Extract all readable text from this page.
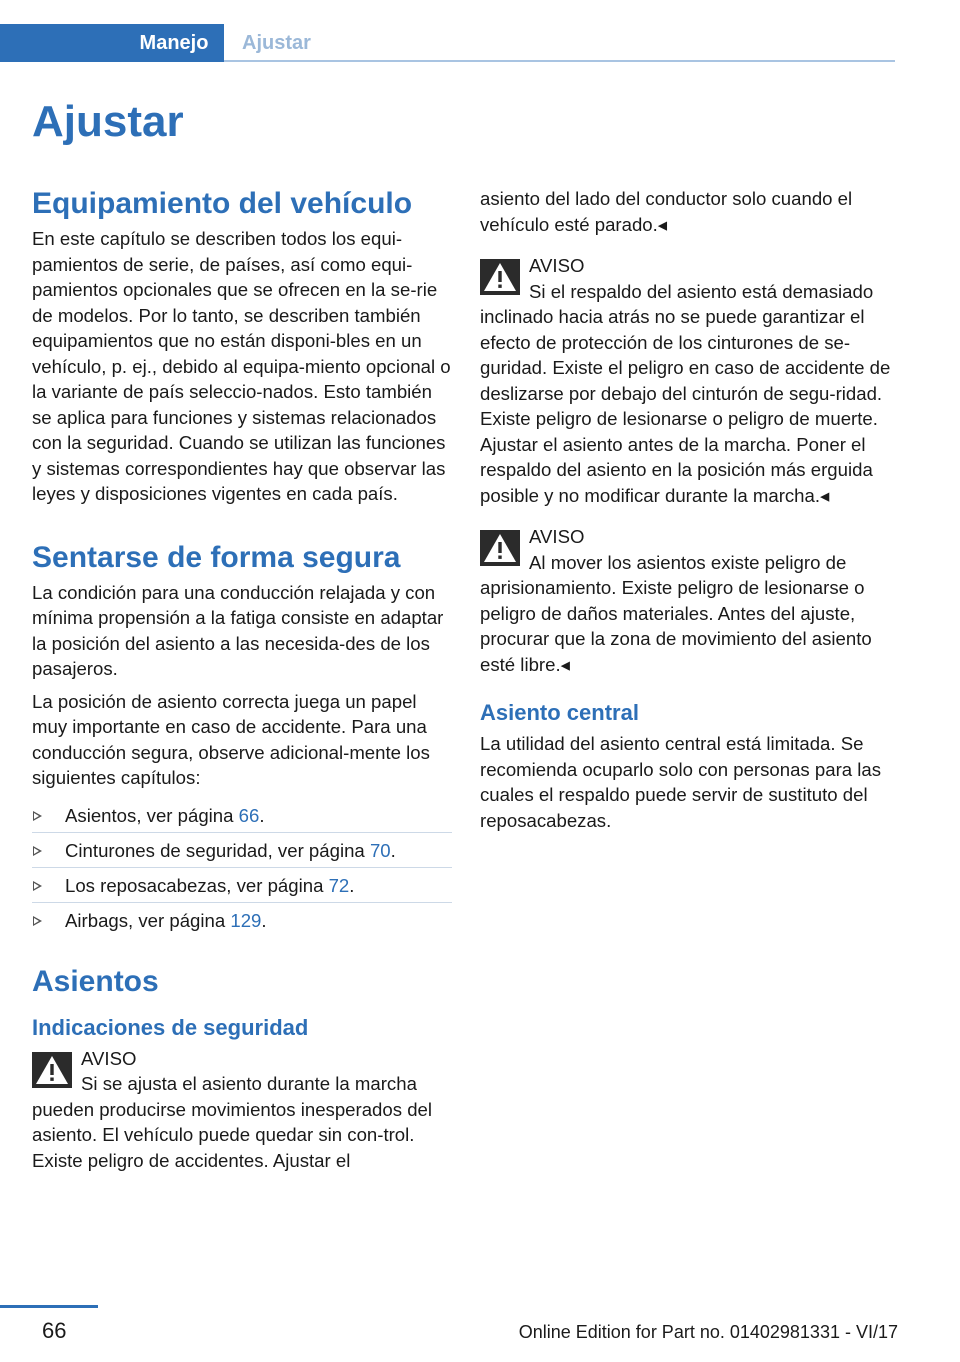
Manejo	Ajustar
Ajustar
Equipamiento del vehículo

En este capítulo se describen todos los equi-pamientos de serie, de países, así como equi-pamientos opcionales que se ofrecen en la se-rie de modelos. Por lo tanto, se describen también equipamientos que no están disponi-bles en un vehículo, p. ej., debido al equipa-miento opcional o la variante de país seleccio-nados. Esto también se aplica para funciones y sistemas relacionados con la seguridad. Cuando se utilizan las funciones y sistemas correspondientes hay que observar las leyes y disposiciones vigentes en cada país.

Sentarse de forma segura

La condición para una conducción relajada y con mínima propensión a la fatiga consiste en adaptar la posición del asiento a las necesida-des de los pasajeros.

La posición de asiento correcta juega un papel muy importante en caso de accidente. Para una conducción segura, observe adicional-mente los siguientes capítulos:

Asientos, ver página 66.
Cinturones de seguridad, ver página 70.
Los reposacabezas, ver página 72.
Airbags, ver página 129.
Asientos
Indicaciones de seguridad
AVISO
Si se ajusta el asiento durante la marcha

pueden producirse movimientos inesperados del asiento. El vehículo puede quedar sin con-trol. Existe peligro de accidentes. Ajustar el

asiento del lado del conductor solo cuando el vehículo esté parado.◂

AVISO
Si el respaldo del asiento está demasiado

inclinado hacia atrás no se puede garantizar el efecto de protección de los cinturones de se-guridad. Existe el peligro en caso de accidente de deslizarse por debajo del cinturón de segu-ridad. Existe peligro de lesionarse o peligro de muerte. Ajustar el asiento antes de la marcha. Poner el respaldo del asiento en la posición más erguida posible y no modificar durante la marcha.◂

AVISO
Al mover los asientos existe peligro de

aprisionamiento. Existe peligro de lesionarse o peligro de daños materiales. Antes del ajuste, procurar que la zona de movimiento del asiento esté libre.◂

Asiento central

La utilidad del asiento central está limitada. Se recomienda ocuparlo solo con personas para las cuales el respaldo puede servir de sustituto del reposacabezas.

66	Online Edition for Part no. 01402981331 - VI/17
